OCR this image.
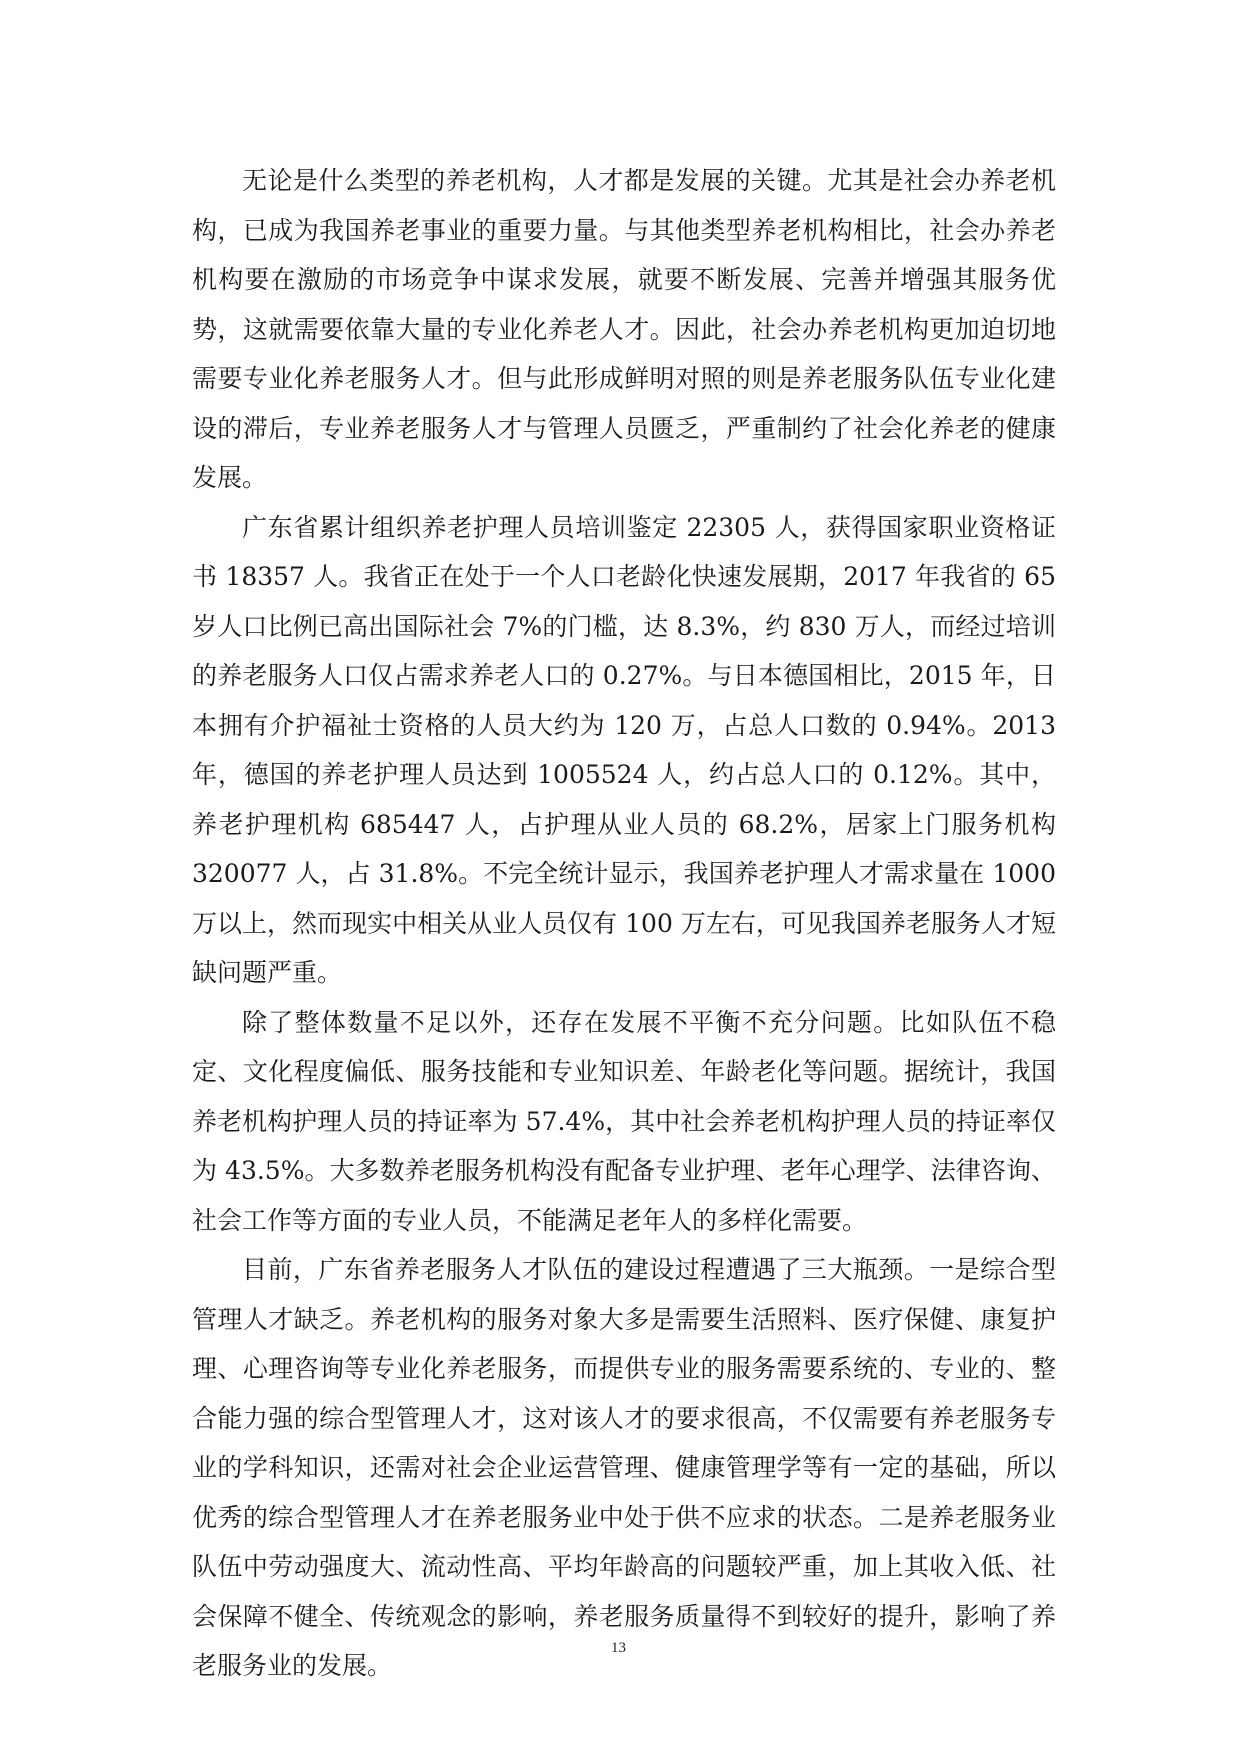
无论是什么类型的养老机构，人才都是发展的关键。尤其是社会办养老机构，已成为我国养老事业的重要力量。与其他类型养老机构相比，社会办养老机构要在激励的市场竞争中谋求发展，就要不断发展、完善并增强其服务优势，这就需要依靠大量的专业化养老人才。因此，社会办养老机构更加迫切地需要专业化养老服务人才。但与此形成鲜明对照的则是养老服务队伍专业化建设的滞后，专业养老服务人才与管理人员匮乏，严重制约了社会化养老的健康发展。

广东省累计组织养老护理人员培训鉴定 22305 人，获得国家职业资格证书 18357 人。我省正在处于一个人口老龄化快速发展期，2017 年我省的 65 岁人口比例已高出国际社会 7%的门槛，达 8.3%，约 830 万人，而经过培训的养老服务人口仅占需求养老人口的 0.27%。与日本德国相比，2015 年，日本拥有介护福祉士资格的人员大约为 120 万，占总人口数的 0.94%。2013 年，德国的养老护理人员达到 1005524 人，约占总人口的 0.12%。其中，养老护理机构 685447 人，占护理从业人员的 68.2%，居家上门服务机构 320077 人，占 31.8%。不完全统计显示，我国养老护理人才需求量在 1000 万以上，然而现实中相关从业人员仅有 100 万左右，可见我国养老服务人才短缺问题严重。

除了整体数量不足以外，还存在发展不平衡不充分问题。比如队伍不稳定、文化程度偏低、服务技能和专业知识差、年龄老化等问题。据统计，我国养老机构护理人员的持证率为 57.4%，其中社会养老机构护理人员的持证率仅为 43.5%。大多数养老服务机构没有配备专业护理、老年心理学、法律咨询、社会工作等方面的专业人员，不能满足老年人的多样化需要。

目前，广东省养老服务人才队伍的建设过程遭遇了三大瓶颈。一是综合型管理人才缺乏。养老机构的服务对象大多是需要生活照料、医疗保健、康复护理、心理咨询等专业化养老服务，而提供专业的服务需要系统的、专业的、整合能力强的综合型管理人才，这对该人才的要求很高，不仅需要有养老服务专业的学科知识，还需对社会企业运营管理、健康管理学等有一定的基础，所以优秀的综合型管理人才在养老服务业中处于供不应求的状态。二是养老服务业队伍中劳动强度大、流动性高、平均年龄高的问题较严重，加上其收入低、社会保障不健全、传统观念的影响，养老服务质量得不到较好的提升，影响了养老服务业的发展。

13
